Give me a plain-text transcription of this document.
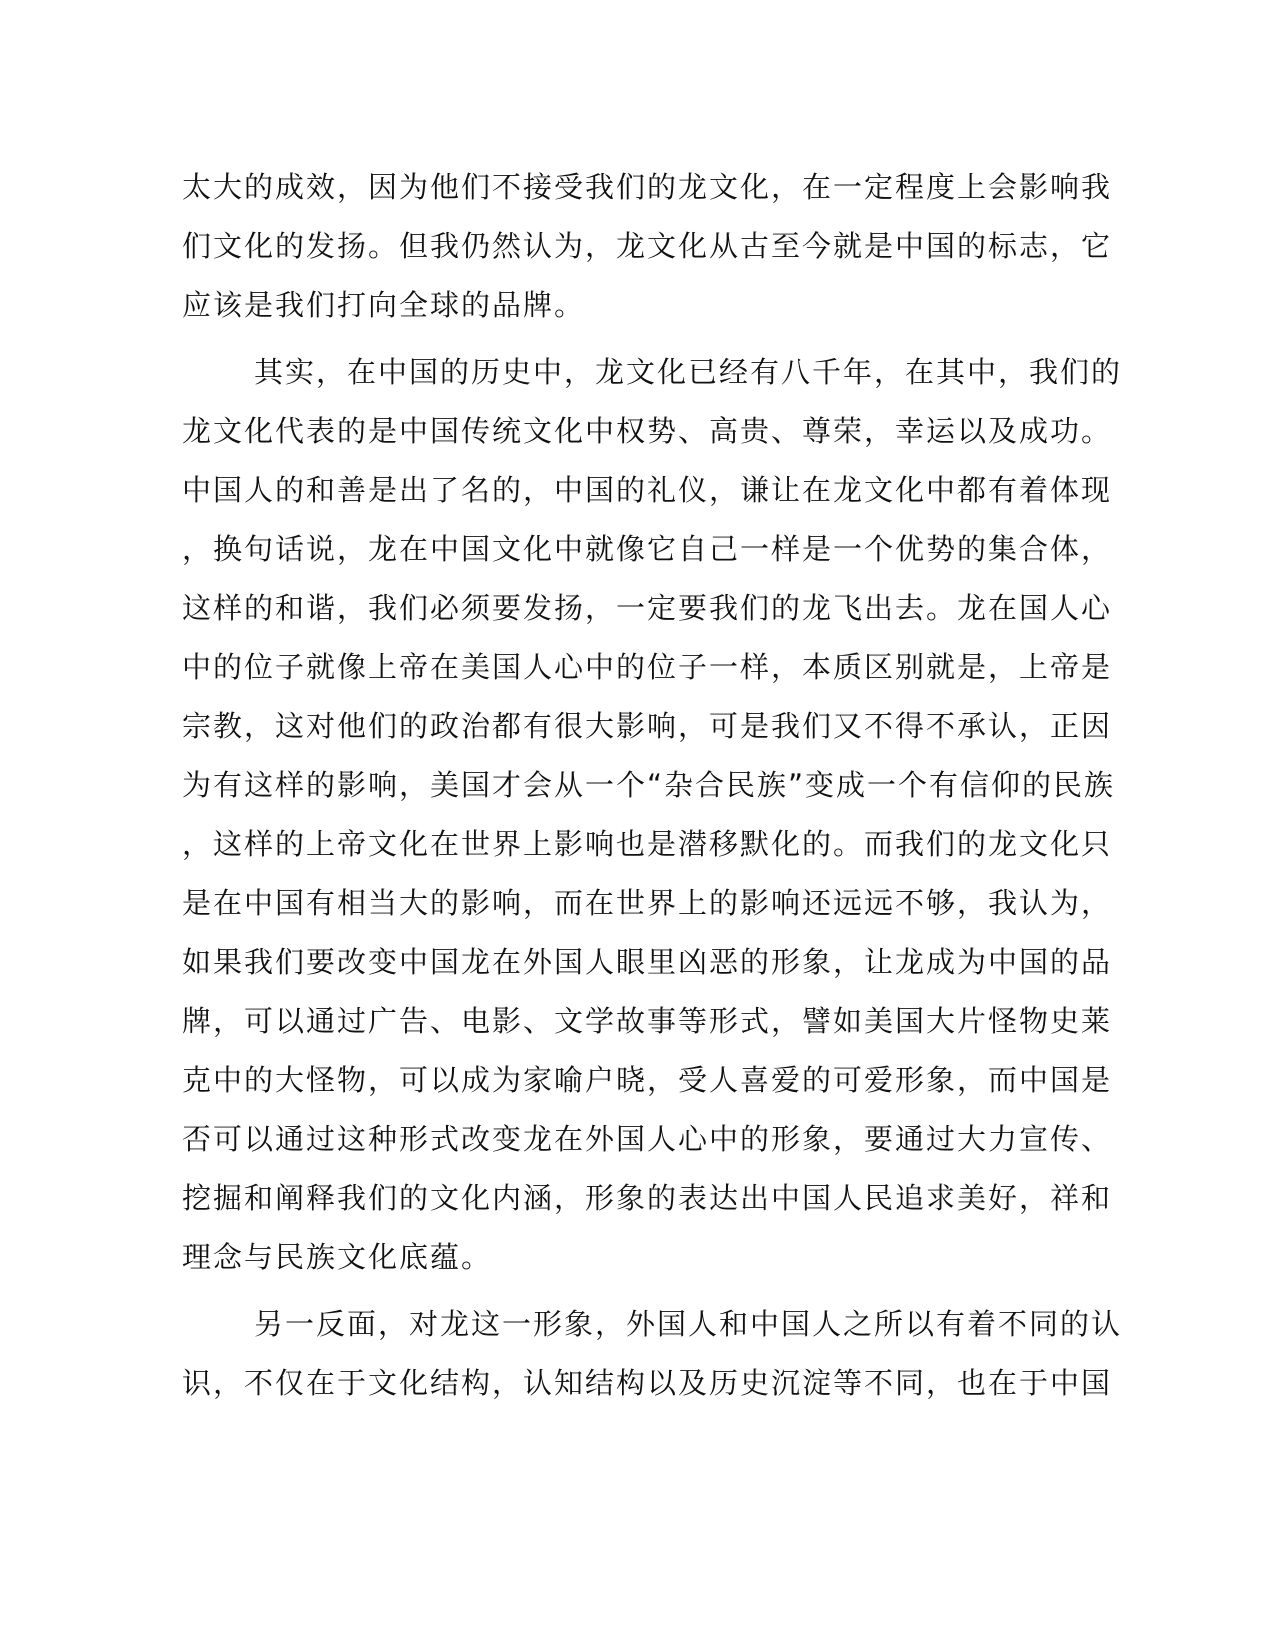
太大的成效，因为他们不接受我们的龙文化，在一定程度上会影响我
们文化的发扬。但我仍然认为，龙文化从古至今就是中国的标志，它
应该是我们打向全球的品牌。
其实，在中国的历史中，龙文化已经有八千年，在其中，我们的
龙文化代表的是中国传统文化中权势、高贵、尊荣，幸运以及成功。
中国人的和善是出了名的，中国的礼仪，谦让在龙文化中都有着体现
，换句话说，龙在中国文化中就像它自己一样是一个优势的集合体，
这样的和谐，我们必须要发扬，一定要我们的龙飞出去。龙在国人心
中的位子就像上帝在美国人心中的位子一样，本质区别就是，上帝是
宗教，这对他们的政治都有很大影响，可是我们又不得不承认，正因
为有这样的影响，美国才会从一个“杂合民族”变成一个有信仰的民族
，这样的上帝文化在世界上影响也是潜移默化的。而我们的龙文化只
是在中国有相当大的影响，而在世界上的影响还远远不够，我认为，
如果我们要改变中国龙在外国人眼里凶恶的形象，让龙成为中国的品
牌，可以通过广告、电影、文学故事等形式，譬如美国大片怪物史莱
克中的大怪物，可以成为家喻户晓，受人喜爱的可爱形象，而中国是
否可以通过这种形式改变龙在外国人心中的形象，要通过大力宣传、
挖掘和阐释我们的文化内涵，形象的表达出中国人民追求美好，祥和
理念与民族文化底蕴。
另一反面，对龙这一形象，外国人和中国人之所以有着不同的认
识，不仅在于文化结构，认知结构以及历史沉淀等不同，也在于中国
